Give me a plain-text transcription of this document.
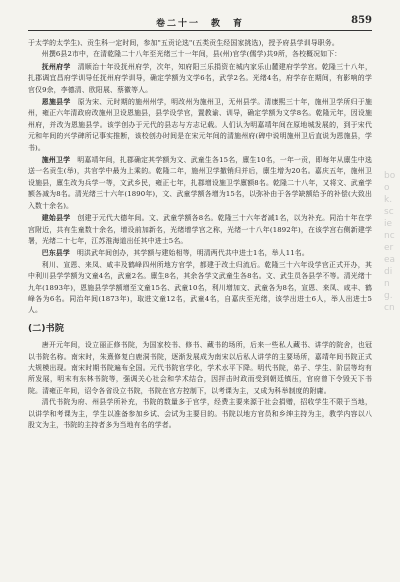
卷二十一　教　育	859

于太学的太学生)、贡生科一定时间，参加"五贡论选"(五类贡生经国家挑选)，授予府县学训导职务。

州撰6县2市中，在清乾隆二十八年至光绪三十一年间，县(州)官学(儒学)共9所，各校概况如下：

抚州府学　 清顺治十年设抚州府学，次年，知府阳三乐捐资在城内家乐山麓建府学学宫。乾隆三十八年，扎郡调宜昌府学训导任抚州府学训导，确定学额为文学6名，武学2名。光绪4名，府学存在期间，有影响的学官仅9余，李德清、欧阳展、蔡徽等人。

恩施县学　 原为宋、元时期的施州州学，明改州为施州卫，无州县学。清康熙三十年，施州卫学所归于施州，雍正六年清政府改施州卫设恩施县，县学设学官，置教谕、训导，确定学额为文学8名。乾隆元年，因设施州府，并改为恩施县学。该学创办于元代的县志与方志记载。人们认为明嘉靖年间在原地城发展的，到于宋代元和年间的兴学碑所记事实推断，该校创办时间是在宋元年间的清施州府(碑中说明施州卫后直说为恩施县，学书)。

施州卫学　 明嘉靖年间，扎郡确定其学额为文、武童生各15名，廪生10名，一年一贡，即每年从廪生中选送一名贡生(举)，共官学中最为上乘的。乾隆二年，施州卫学撤销归并后，廪生增为20名。嘉庆五年，施州卫设施县，廪生改为兵学一等，文武乡民，雍正七年，扎郡增设施卫学廪额8名。乾隆二十八年，又将文、武童学额各减为8名。清光绪三十六年(1890年)，文、武童学额各增为15名，以弥补由于各学缺额给予的补偿(大致出入数十余名)。

建始县学　 创建于元代大德年间。文、武童学额各8名。乾隆三十六年者减1名，以为补充。同治十年在学宫附近，共有生童数十余名，增设前加新名，光绪增学宫之称，光绪一十八年(1892年)，在该学宫右侧新建学署，光绪二十七年，江苏淮海道出任其中进士5名。

巴东县学　 明洪武年间创办，其学额与建始相等，明清两代共中进士1名，举人11名。

利川、宣恩、来凤、咸丰及鹤峰四州所地方官学，都建于改土归流后。乾隆三十六年设学官正式开办，其中利川县学学额为文童4名，武童2名。廪生8名，其余各学文武童生各8名。文、武生员各县学不等。清光绪十九年(1893年)，恩施县学学额增至文童15名、武童10名，利川增加文、武童各为8名，宣恩、来凤、咸丰、鹤峰各为6名。同治年间(1873年)，取进文童12名，武童4名，自嘉庆至光绪，该学出进士6人，举人出进士5人。

(二)书院

唐开元年间，设立丽正修书院，为国家校书、修书、藏书的场所，后来一些私人藏书、讲学的院舍，也冠以书院名称。南宋时，朱熹修复白鹿洞书院，逐渐发展成为南宋以后私人讲学的主要场所，嘉靖年间书院正式大规模出现。南宋时期书院遍布全国。元代书院官学化，学术水平下降。明代书院，弟子、学生、阶层等均有所发展，明末有东林书院等，强调关心社会和学术结合，因抨击时政而受到朝廷镇压，官府曾下令毁天下书院。清雍正年间，诏令各省设立书院，书院在官方控制下，以考课为主，又成为科举制度的附庸。

清代书院为府、州县学所补充，书院的数量多于官学，经费主要来源于社会捐赠，招收学生不限于当地，以讲学和考课为主，学生以准备参加乡试、会试为主要目的。书院以地方官员和乡绅主持为主，教学内容以八股文为主，书院的主持者多为当地有名的学者。

book.sciencereading.cn
